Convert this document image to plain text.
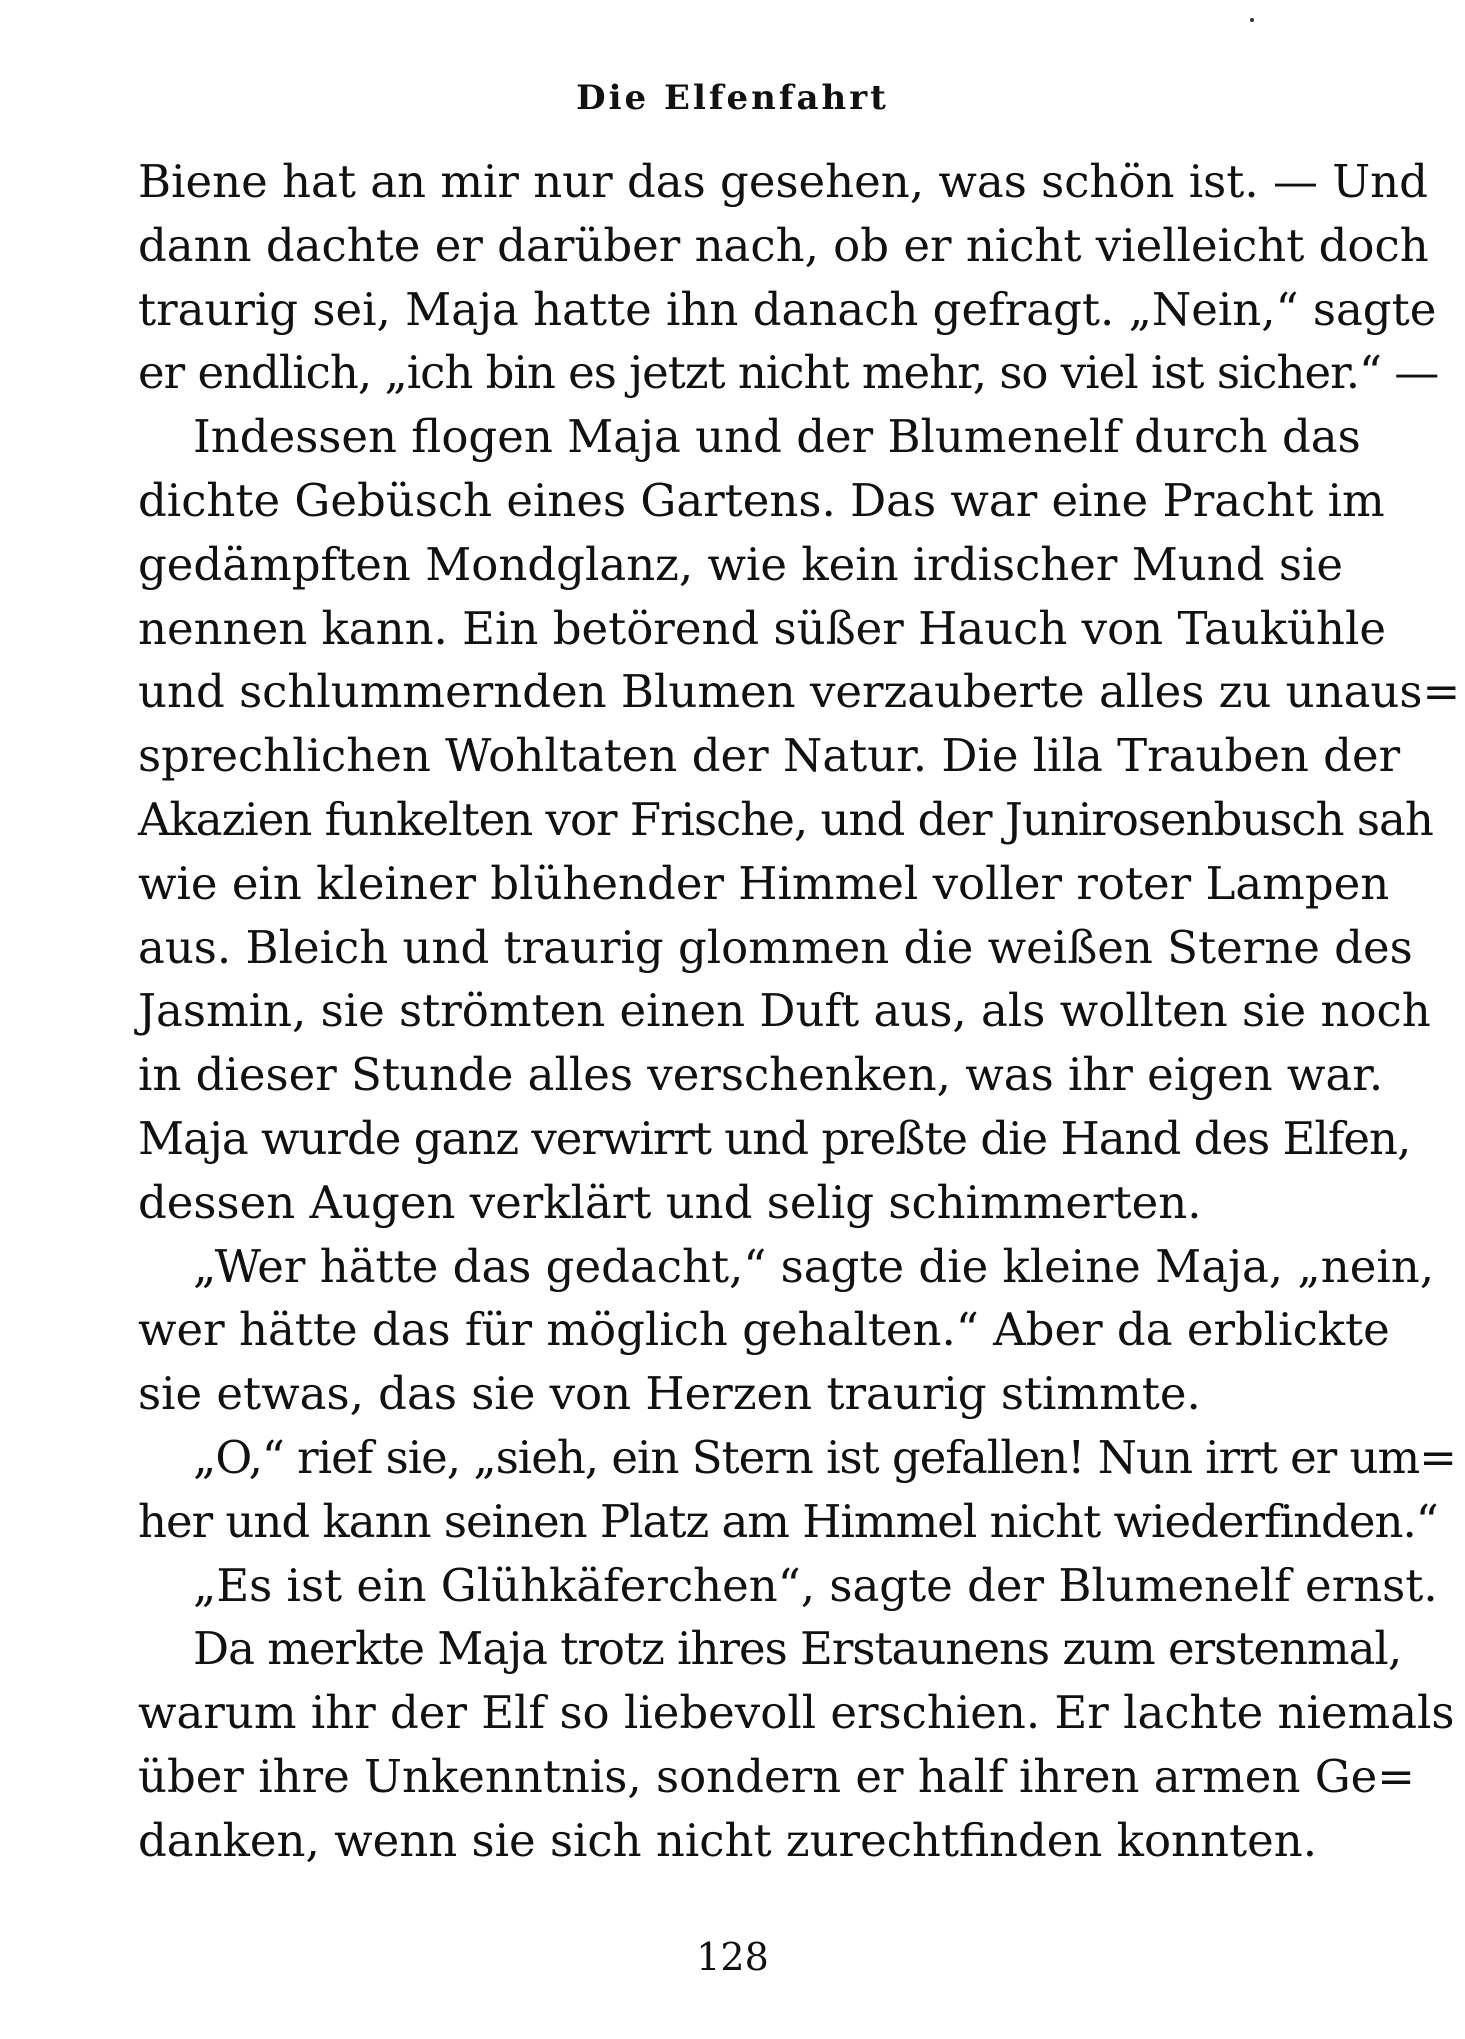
Die Elfenfahrt
Biene hat an mir nur das gesehen, was schön ist. — Und
dann dachte er darüber nach, ob er nicht vielleicht doch
traurig sei, Maja hatte ihn danach gefragt. „Nein,“ sagte
er endlich, „ich bin es jetzt nicht mehr, so viel ist sicher.“ —
Indessen flogen Maja und der Blumenelf durch das
dichte Gebüsch eines Gartens. Das war eine Pracht im
gedämpften Mondglanz, wie kein irdischer Mund sie
nennen kann. Ein betörend süßer Hauch von Taukühle
und schlummernden Blumen verzauberte alles zu unaus=
sprechlichen Wohltaten der Natur. Die lila Trauben der
Akazien funkelten vor Frische, und der Junirosenbusch sah
wie ein kleiner blühender Himmel voller roter Lampen
aus. Bleich und traurig glommen die weißen Sterne des
Jasmin, sie strömten einen Duft aus, als wollten sie noch
in dieser Stunde alles verschenken, was ihr eigen war.
Maja wurde ganz verwirrt und preßte die Hand des Elfen,
dessen Augen verklärt und selig schimmerten.
„Wer hätte das gedacht,“ sagte die kleine Maja, „nein,
wer hätte das für möglich gehalten.“ Aber da erblickte
sie etwas, das sie von Herzen traurig stimmte.
„O,“ rief sie, „sieh, ein Stern ist gefallen! Nun irrt er um=
her und kann seinen Platz am Himmel nicht wiederfinden.“
„Es ist ein Glühkäferchen“, sagte der Blumenelf ernst.
Da merkte Maja trotz ihres Erstaunens zum erstenmal,
warum ihr der Elf so liebevoll erschien. Er lachte niemals
über ihre Unkenntnis, sondern er half ihren armen Ge=
danken, wenn sie sich nicht zurechtfinden konnten.
128
